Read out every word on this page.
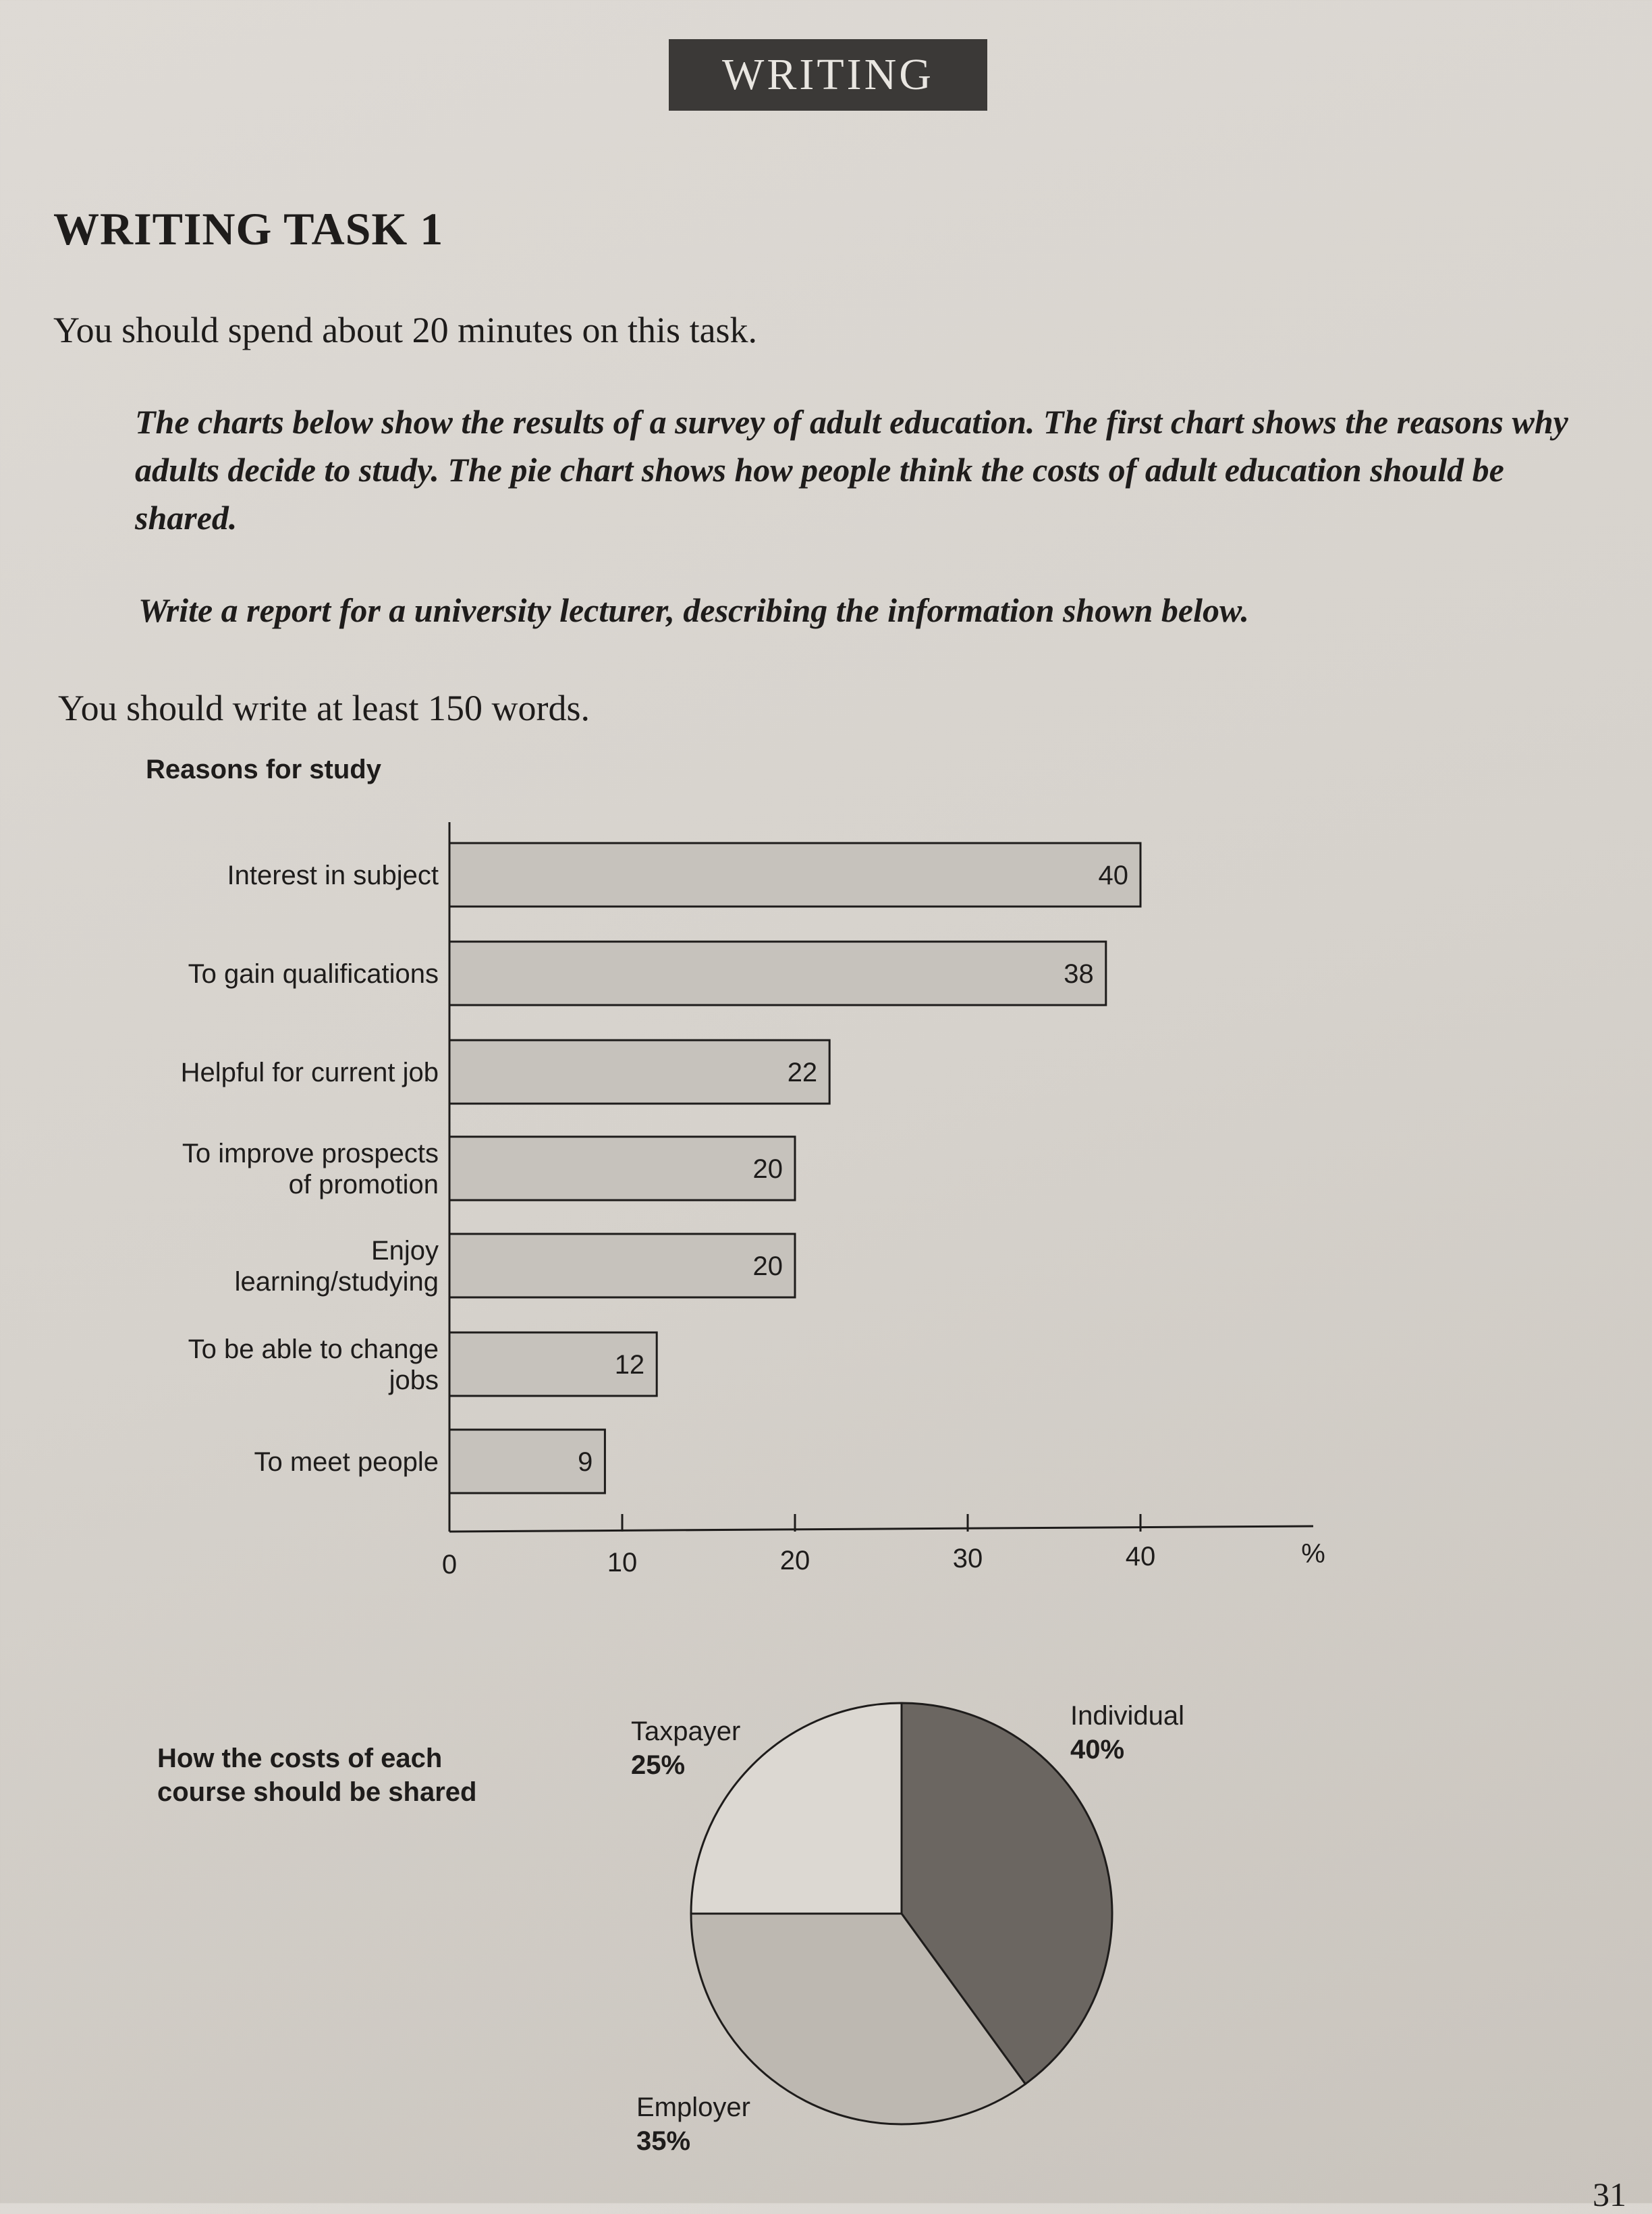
WRITING
WRITING TASK 1
You should spend about 20 minutes on this task.
The charts below show the results of a survey of adult education. The first chart shows the reasons why adults decide to study. The pie chart shows how people think the costs of adult education should be shared.
Write a report for a university lecturer, describing the information shown below.
You should write at least 150 words.
Reasons for study
How the costs of each course should be shared
31
40
Interest in subject
38
To gain qualifications
22
Helpful for current job
20
To improve prospects
of promotion
20
Enjoy
learning/studying
12
To be able to change
jobs
9
To meet people
0	10	20	30	40	%
Individual
40%
Employer
35%
Taxpayer
25%
